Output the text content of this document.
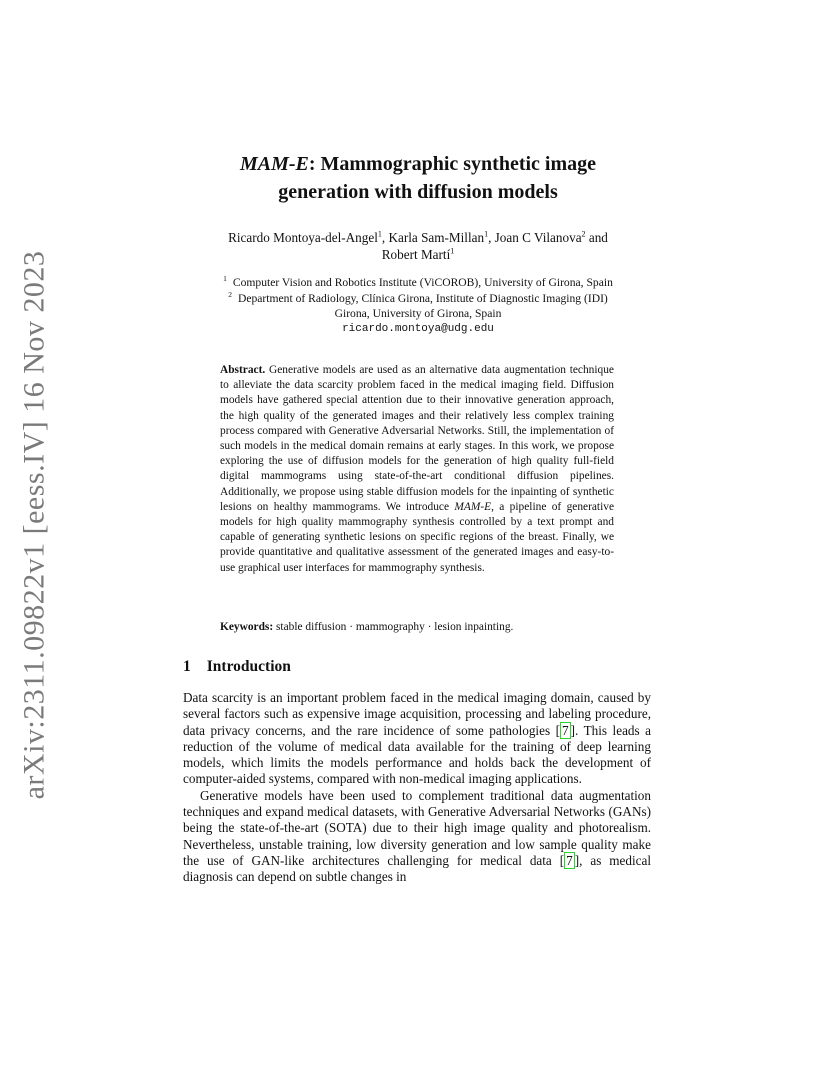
arXiv:2311.09822v1 [eess.IV] 16 Nov 2023
MAM-E: Mammographic synthetic image
generation with diffusion models
Ricardo Montoya-del-Angel$^1$, Karla Sam-Millan$^1$, Joan C Vilanova$^2$ and
Robert Martí$^1$
$^1$ Computer Vision and Robotics Institute (ViCOROB), University of Girona, Spain
$^2$ Department of Radiology, Clínica Girona, Institute of Diagnostic Imaging (IDI)
Girona, University of Girona, Spain
ricardo.montoya@udg.edu
Abstract. Generative models are used as an alternative data augmentation technique to alleviate the data scarcity problem faced in the medical imaging field. Diffusion models have gathered special attention due to their innovative generation approach, the high quality of the generated images and their relatively less complex training process compared with Generative Adversarial Networks. Still, the implementation of such models in the medical domain remains at early stages. In this work, we propose exploring the use of diffusion models for the generation of high quality full-field digital mammograms using state-of-the-art conditional diffusion pipelines. Additionally, we propose using stable diffusion models for the inpainting of synthetic lesions on healthy mammograms. We introduce MAM-E, a pipeline of generative models for high quality mammography synthesis controlled by a text prompt and capable of generating synthetic lesions on specific regions of the breast. Finally, we provide quantitative and qualitative assessment of the generated images and easy-to-use graphical user interfaces for mammography synthesis.
Keywords: stable diffusion · mammography · lesion inpainting.
1 Introduction

Data scarcity is an important problem faced in the medical imaging domain, caused by several factors such as expensive image acquisition, processing and labeling procedure, data privacy concerns, and the rare incidence of some pathologies [ 7 ]. This leads a reduction of the volume of medical data available for the training of deep learning models, which limits the models performance and holds back the development of computer-aided systems, compared with non-medical imaging applications.

Generative models have been used to complement traditional data augmentation techniques and expand medical datasets, with Generative Adversarial Networks (GANs) being the state-of-the-art (SOTA) due to their high image quality and photorealism. Nevertheless, unstable training, low diversity generation and low sample quality make the use of GAN-like architectures challenging for medical data [ 7 ], as medical diagnosis can depend on subtle changes in
